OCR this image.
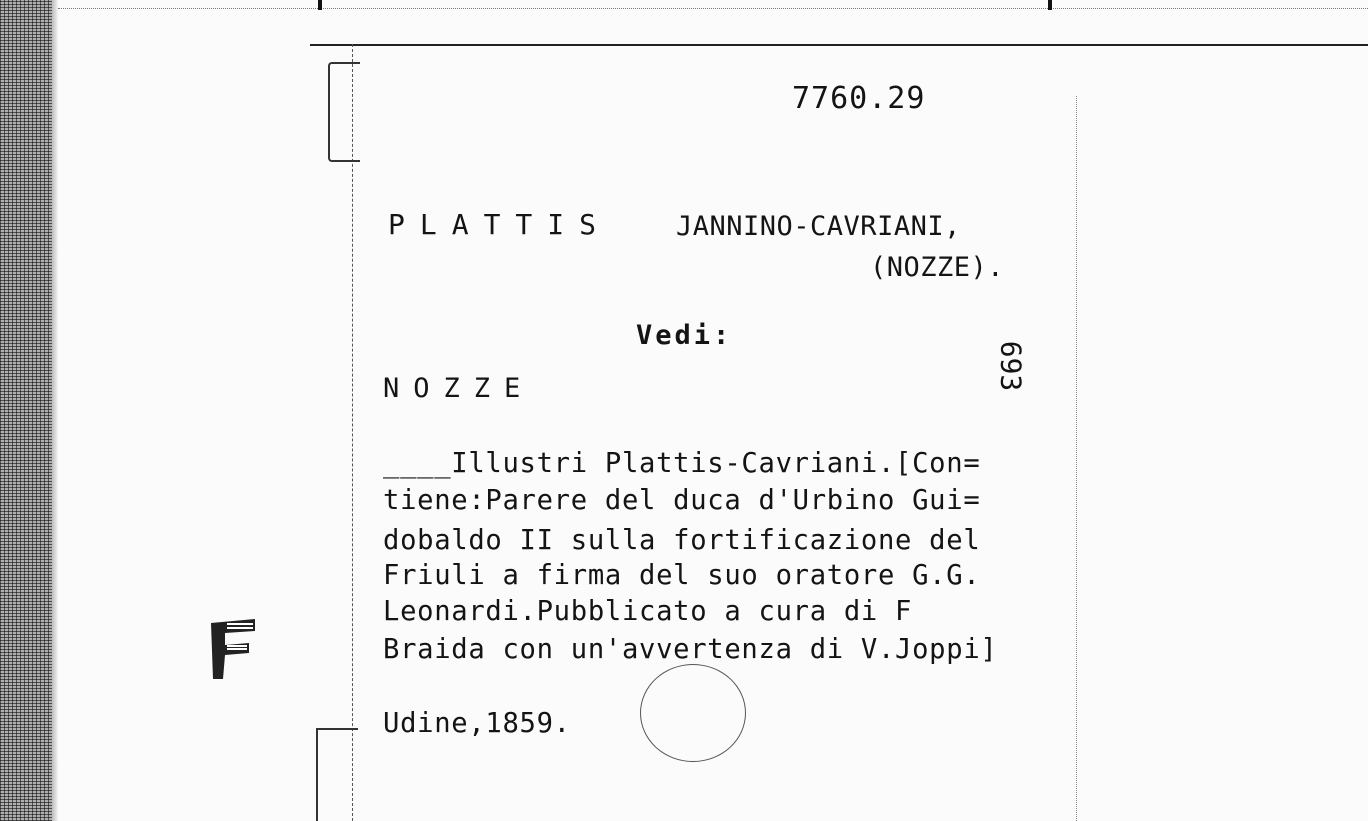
7760.29

PLATTIS JANNINO-CAVRIANI,

(NOZZE).

Vedi:

NOZZE	693

____Illustri Plattis-Cavriani.[Con=

tiene:Parere del duca d'Urbino Gui=

dobaldo II sulla fortificazione del

Friuli a firma del suo oratore G.G.

Leonardi.Pubblicato a cura di F

Braida con un'avvertenza di V.Joppi]

Udine,1859.
